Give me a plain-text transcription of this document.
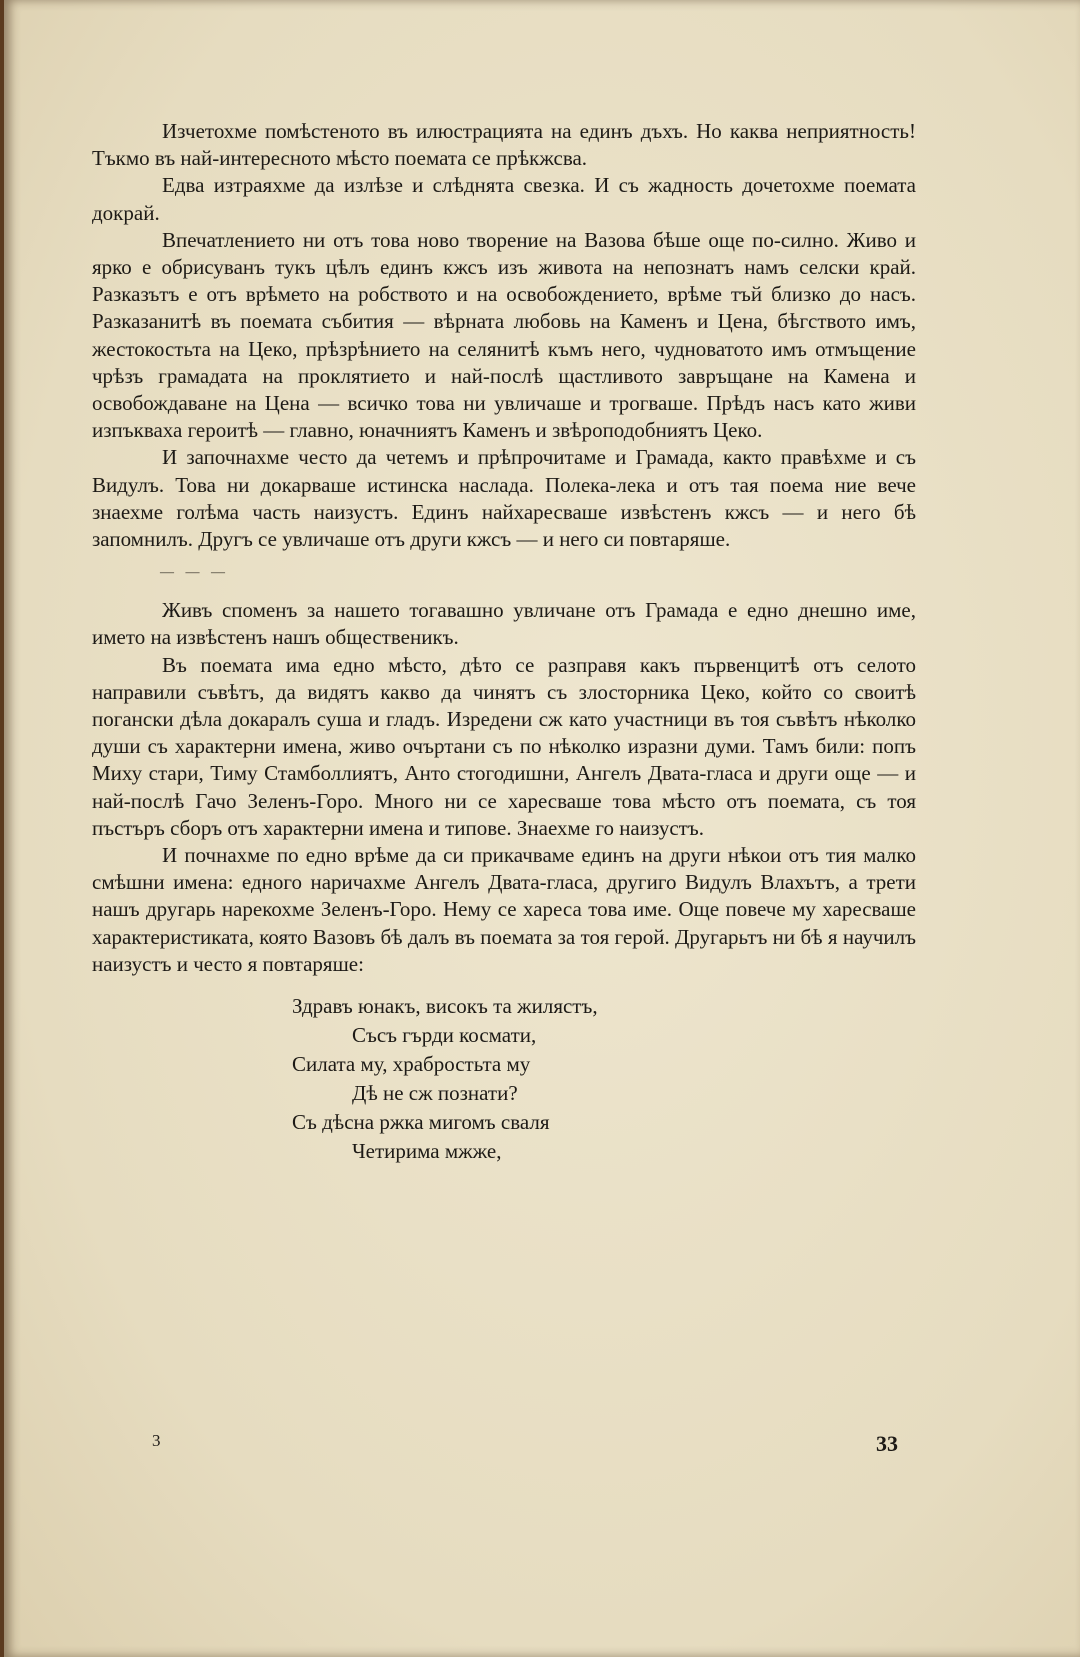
Изчетохме помѣстеното въ илюстрацията на единъ дъхъ. Но каква неприятность! Тъкмо въ най-интересното мѣсто поемата се прѣкжсва.

Едва изтраяхме да излѣзе и слѣднята свезка. И съ жадность дочетохме поемата докрай.

Впечатлението ни отъ това ново творение на Вазова бѣше още по-силно. Живо и ярко е обрисуванъ тукъ цѣлъ единъ кжсъ изъ живота на непознатъ намъ селски край. Разказътъ е отъ врѣмето на робството и на освобождението, врѣме тъй близко до насъ. Разказанитѣ въ поемата събития — вѣрната любовь на Каменъ и Цена, бѣгството имъ, жестокостьта на Цеко, прѣзрѣнието на селянитѣ къмъ него, чудноватото имъ отмъщение чрѣзъ грамадата на проклятието и най-послѣ щастливото завръщане на Камена и освобождаване на Цена — всичко това ни увличаше и трогваше. Прѣдъ насъ като живи изпъкваха героитѣ — главно, юначниятъ Каменъ и звѣроподобниятъ Цеко.

И започнахме често да четемъ и прѣпрочитаме и Грамада, както правѣхме и съ Видулъ. Това ни докарваше истинска наслада. Полека-лека и отъ тая поема ние вече знаехме голѣма часть наизустъ. Единъ найхаресваше извѣстенъ кжсъ — и него бѣ запомнилъ. Другъ се увличаше отъ други кжсъ — и него си повтаряше.

— — —

Живъ споменъ за нашето тогавашно увличане отъ Грамада е едно днешно име, името на извѣстенъ нашъ общественикъ.

Въ поемата има едно мѣсто, дѣто се разправя какъ първенцитѣ отъ селото направили съвѣтъ, да видятъ какво да чинятъ съ злосторника Цеко, който со своитѣ погански дѣла докаралъ суша и гладъ. Изредени сж като участници въ тоя съвѣтъ нѣколко души съ характерни имена, живо очъртани съ по нѣколко изразни думи. Тамъ били: попъ Миху стари, Тиму Стамболлиятъ, Анто стогодишни, Ангелъ Двата-гласа и други още — и най-послѣ Гачо Зеленъ-Горо. Много ни се харесваше това мѣсто отъ поемата, съ тоя пъстъръ сборъ отъ характерни имена и типове. Знаехме го наизустъ.

И почнахме по едно врѣме да си прикачваме единъ на други нѣкои отъ тия малко смѣшни имена: едного наричахме Ангелъ Двата-гласа, другиго Видулъ Влахътъ, а трети нашъ другарь нарекохме Зеленъ-Горо. Нему се хареса това име. Още повече му харесваше характеристиката, която Вазовъ бѣ далъ въ поемата за тоя герой. Другарьтъ ни бѣ я научилъ наизустъ и често я повтаряше:

Здравъ юнакъ, високъ та жилястъ,
Съсъ гърди космати,
Силата му, храбростьта му
Дѣ не сж познати?
Съ дѣсна ржка мигомъ сваля
Четирима мжже,
3	33
